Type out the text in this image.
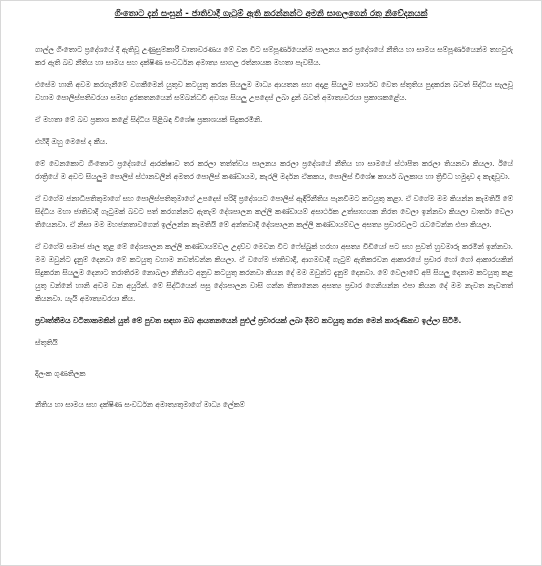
ගිංතොට දැන් සංසුන් - ජාතිවාදී ගැටුම් ඇති කරන්නන්ට අමනි සාගලගෙන් රතු නිවේදනයක්

ගාල්ල ගිංතොට ප්‍රදේශයේ දී ඇතිවූ උණුසුම්කාරී වාතාවරණය මේ වන විට සම්පූර්ණයෙන්ම පාලනය කර ප්‍රදේශයේ නීතිය හා සාමය සම්පූර්ණයෙන්ම තහවුරු කර ඇති බව නීතිය හා සාමය සහ දක්ෂිණ සංවර්ධන අමාත්‍ය සාගල රත්නායක මහතා පැවසීය.

එසේම හානි අවම කරගැනීමේ වගකීමෙන් යුතුව කටයුතු කරන සියලුම මාධ්‍ය ආයතන සහ අදාළ සියලුම පාර්ශව වෙත ස්තුතිය පුදකරන බවත් සිද්ධිය සැලවූ වහාම පොලිස්පතිවරයා සමඟ දුරකතනයෙන් සම්බන්ධවී අවශ්‍ය සියලු උපදෙස් ලබා දුන් බවත් අමාත්‍යවරයා ප්‍රකාශකළේය.

ඒ මහතා මේ බව ප්‍රකාශ කළේ සිද්ධිය පිළිබඳ විශේෂ ප්‍රකාශයක් සිදුකරමිනි.

එහිදී ඔහු මෙසේ ද කීය.

මේ වෙනකොට ගිංතොට ප්‍රදේශයේ ආරක්ෂාව තර කරලා තත්ත්වය පාලනය කරලා ප්‍රදේශයේ නීතිය හා සාමයේ ස්ථාපිත කරලා තියනවා කියලා. ඊයේ රාත්‍රියේ ම අවට සියලුම පොලිස් ස්ථානවලින් අමතර පොලිස් කණ්ඩායම, කැරලි මර්දන ඒකකය, පොලිස් විශේෂ කාර්ය බලකාය හා ත්‍රිවිධ හමුදාව ද කැඳවූවා.

ඒ වගේම ජනාධිපතිතුමාගේ සහ පොලිස්පතිතුමාගේ උපදෙස් පරිදි ප්‍රදේශයට පොලිස් ඇඳිරිනීතිය පැනවීමට කටයුතු කළා. ඒ වගේම මම කියන්න කැමතියි මේ සිද්ධිය මහා ජාතිවාදී ගැටුමක් බවට පත් කරගන්නට ඇතැම් දේශපාලන කල්ලි කණ්ඩායම් අසාර්ථක උත්සාහයක නිරත වෙලා ඉන්නවා කියලා වාර්තා වෙලා තියෙනවා. ඒ නිසා මම මහජනතාවගෙන් ඉල්ලන්න කැමතියි මේ අන්තවාදී දේශපාලන කල්ලි කණ්ඩායම්වල අසත්‍ය ප්‍රචාරවලට රැවටෙන්න එපා කියලා.

ඒ වගේම සමාජ ජාල තුළ මේ දේශපාලන කල්ලි කණ්ඩායම්වල උදව්ව මෙවන විට ෆේස්බුක් හරහා අසත්‍ය විඩියෝ පට සහ පුවත් හුවමාරු කරමින් ඉන්නවා. මම ඔවුන්ට දැනුම් දෙනවා මේ කටයුතු වහාම නවත්වන්න කියලා. ඒ වගේම ජාතිවාදී, ආගමවාදී ගැටුම් ඇතිකරවන ආකාරයේ ප්‍රචාර හෝ ගෝ ආකාරයකින් සිදුකරන සියලුම දෙනාට තරාතිරම නොබලා නීතියට අනුව කටයුතු කරනවා කියන දේ මම ඔවුන්ට දැනුම් දෙනවා. මේ වෙලාවේ අපි සියලු දෙනාම කටයුතු කළ යුතු වන්නේ හානි අවම වන අයුරින්. මේ සිද්ධියෙන් පසු දේශපාලන වාසි ගන්න තිතානෙන අසත්‍ය ප්‍රචාර ගෙනියන්න එපා කියන දේ මම නැවත නැවතත් කියනවා. යැයි අමාත්‍යවරයා කීය.

ප්‍රවෘත්තීමය වටිනාකමකින් යුත් මේ පුවත සඳහා ඔබ ආයතනයෙන් පුළුල් ප්‍රචාරයක් ලබා දීමට කටයුතු කරන මෙන් කාරුණිකව ඉල්ලා සිටිමි.

ස්තුතියි

දිලංක ගුණතිලක

නීතිය හා සාමය සහ දක්ෂිණ සංවර්ධන අමාත්‍යතුමාගේ මාධ්‍ය ලේකම්
